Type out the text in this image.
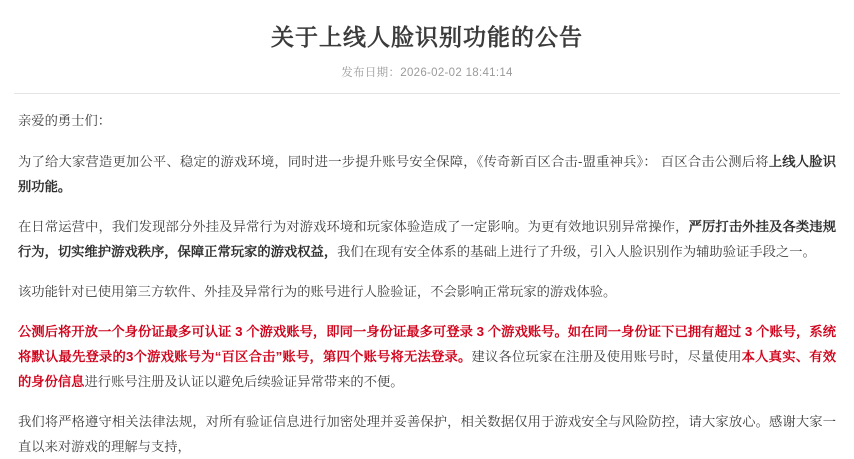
关于上线人脸识别功能的公告
发布日期：2026-02-02 18:41:14

亲爱的勇士们：

为了给大家营造更加公平、稳定的游戏环境，同时进一步提升账号安全保障，《传奇新百区合击-盟重神兵》： 百区合击公测后将上线人脸识别功能。

在日常运营中，我们发现部分外挂及异常行为对游戏环境和玩家体验造成了一定影响。为更有效地识别异常操作，严厉打击外挂及各类违规行为，切实维护游戏秩序，保障正常玩家的游戏权益，我们在现有安全体系的基础上进行了升级，引入人脸识别作为辅助验证手段之一。

该功能针对已使用第三方软件、外挂及异常行为的账号进行人脸验证，不会影响正常玩家的游戏体验。

公测后将开放一个身份证最多可认证 3 个游戏账号，即同一身份证最多可登录 3 个游戏账号。如在同一身份证下已拥有超过 3 个账号，系统将默认最先登录的3个游戏账号为“百区合击”账号，第四个账号将无法登录。建议各位玩家在注册及使用账号时，尽量使用本人真实、有效的身份信息进行账号注册及认证以避免后续验证异常带来的不便。

我们将严格遵守相关法律法规，对所有验证信息进行加密处理并妥善保护，相关数据仅用于游戏安全与风险防控，请大家放心。感谢大家一直以来对游戏的理解与支持，
